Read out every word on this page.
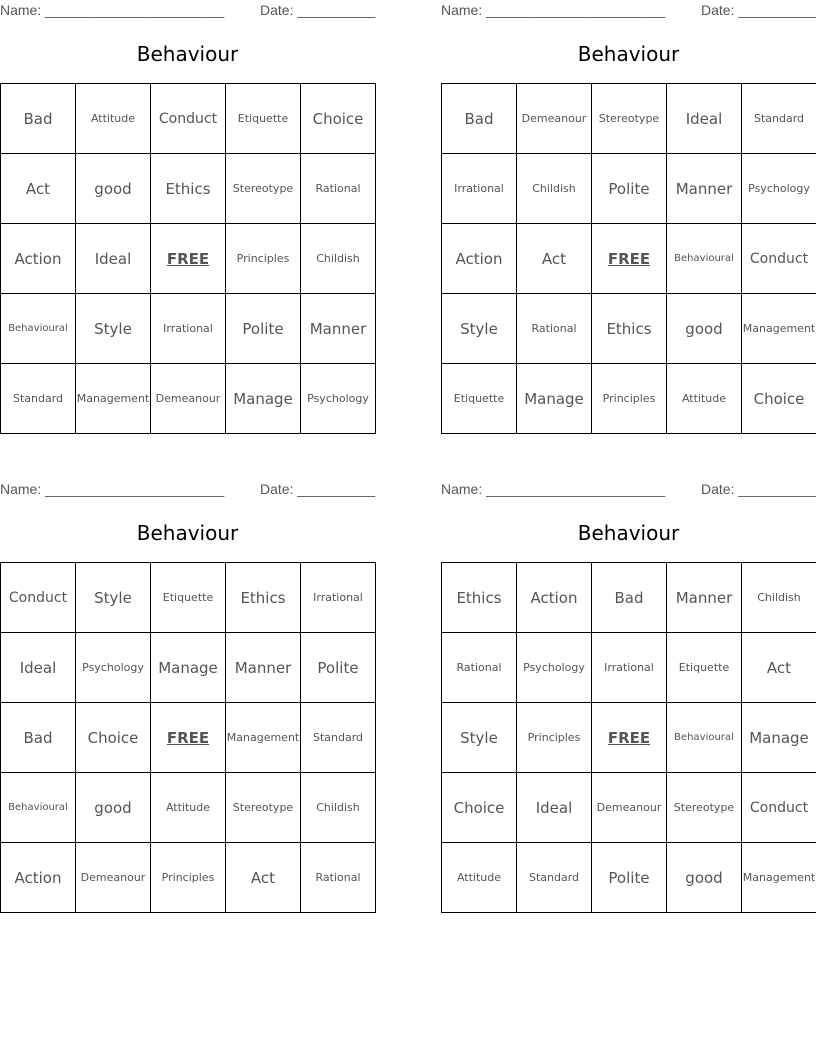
Name: _______________________	Date: __________
Behaviour
Bad	Attitude	Conduct	Etiquette	Choice
Act	good	Ethics	Stereotype	Rational
Action	Ideal	FREE	Principles	Childish
Behavioural	Style	Irrational	Polite	Manner
Standard	Management	Demeanour	Manage	Psychology
Name: _______________________	Date: __________
Behaviour
Bad	Demeanour	Stereotype	Ideal	Standard
Irrational	Childish	Polite	Manner	Psychology
Action	Act	FREE	Behavioural	Conduct
Style	Rational	Ethics	good	Management
Etiquette	Manage	Principles	Attitude	Choice
Name: _______________________	Date: __________
Behaviour
Conduct	Style	Etiquette	Ethics	Irrational
Ideal	Psychology	Manage	Manner	Polite
Bad	Choice	FREE	Management	Standard
Behavioural	good	Attitude	Stereotype	Childish
Action	Demeanour	Principles	Act	Rational
Name: _______________________	Date: __________
Behaviour
Ethics	Action	Bad	Manner	Childish
Rational	Psychology	Irrational	Etiquette	Act
Style	Principles	FREE	Behavioural	Manage
Choice	Ideal	Demeanour	Stereotype	Conduct
Attitude	Standard	Polite	good	Management
